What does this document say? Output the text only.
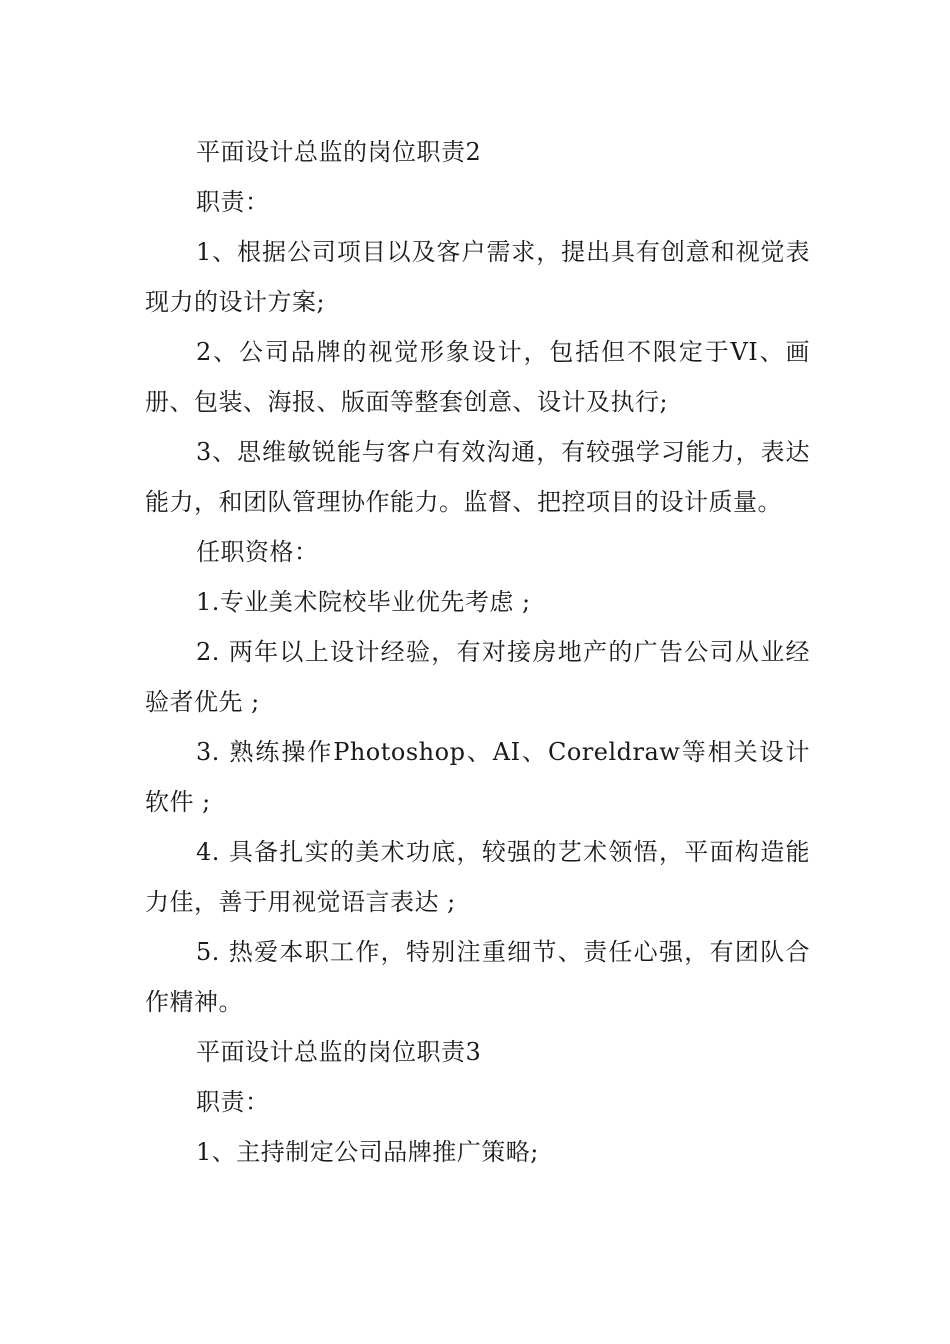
平面设计总监的岗位职责2

职责：

1、根据公司项目以及客户需求，提出具有创意和视觉表现力的设计方案;

2、公司品牌的视觉形象设计，包括但不限定于VI、画册、包装、海报、版面等整套创意、设计及执行;

3、思维敏锐能与客户有效沟通，有较强学习能力，表达能力，和团队管理协作能力。监督、把控项目的设计质量。

任职资格：

1.专业美术院校毕业优先考虑 ;

2. 两年以上设计经验，有对接房地产的广告公司从业经验者优先 ;

3. 熟练操作Photoshop、AI、Coreldraw等相关设计软件 ;

4. 具备扎实的美术功底，较强的艺术领悟，平面构造能力佳，善于用视觉语言表达 ;

5. 热爱本职工作，特别注重细节、责任心强，有团队合作精神。

平面设计总监的岗位职责3

职责：

1、主持制定公司品牌推广策略;
